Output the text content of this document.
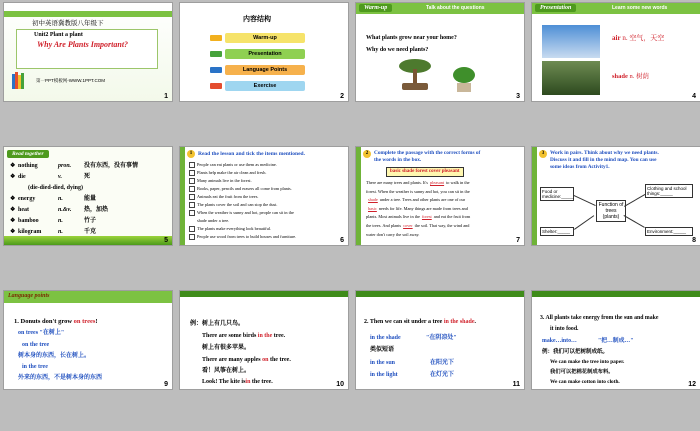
初中英语冀教版八年级下
Unit2 Plant a plant
Why Are Plants Important?
第一PPT模板网-WWW.1PPT.COM
1
内容结构
Warm-up
Presentation
Language Points
Exercise
2
Warm-up	Talk about the questions
What plants grow near your home?
Why do we need plants?
3
Presentation	Learn some new words
air n. 空气，天空
shade n. 树荫
4
Read together
❖ nothing	pron. 没有东西，没有事情
❖ die	v.	死
(die-died-died, dying)
❖ energy	n.	能量
❖ heat	n.&v. 热，加热
❖ bamboo	n.	竹子
❖ kilogram	n.	千克
5
1	Read the lesson and tick the items mentioned.
People can eat plants or use them as medicine.
Plants help make the air clean and fresh.
Many animals live in the forest.
Books, paper, pencils and erasers all come from plants.
Animals eat the fruit from the trees.
The plants cover the soil and can stop the dust.
When the weather is sunny and hot, people can sit in the
shade under a tree.
The plants make everything look beautiful.
People use wood from trees to build houses and furniture.
6
2	Complete the passage with the correct forms of
the words in the box.
basic shade forest cover pleasant
There are many trees and plants. It's pleasant to walk in the
forest. When the weather is sunny and hot, you can sit in the
shade under a tree. Trees and other plants are one of our
basic needs for life. Many things are made from trees and
plants. Most animals live in the forest and eat the fruit from
the trees. And plants cover the soil. That way, the wind and
water don't carry the soil away.
7
3	Work in pairs. Think about why we need plants.
Discuss it and fill in the mind map. You can use
some ideas from Activity1.
Food or medicine:_____
Clothing and school things:_____
Function of trees (plants)
Shelter:_____	Environment:_____
8
Language points
1. Donuts don't grow on trees!
on trees "在树上"
on the tree
树本身的东西，长在树上。
in the tree
外来的东西，不是树本身的东西
9
例：树上有几只鸟。
There are some birds in the tree.
树上有很多苹果。
There are many apples on the tree.
看！风筝在树上。
Look! The kite isin the tree.	10
2. Then we can sit under a tree in the shade.
in the shade	"在阴凉处"
类似短语
in the sun	在阳光下
in the light	在灯光下
11
3. All plants take energy from the sun and make
it into food.
make…into…	"把…制成…"
例：我们可以把树制成纸。
We can make the tree into paper.
我们可以把棉花制成布料。
We can make cotton into cloth.	12
